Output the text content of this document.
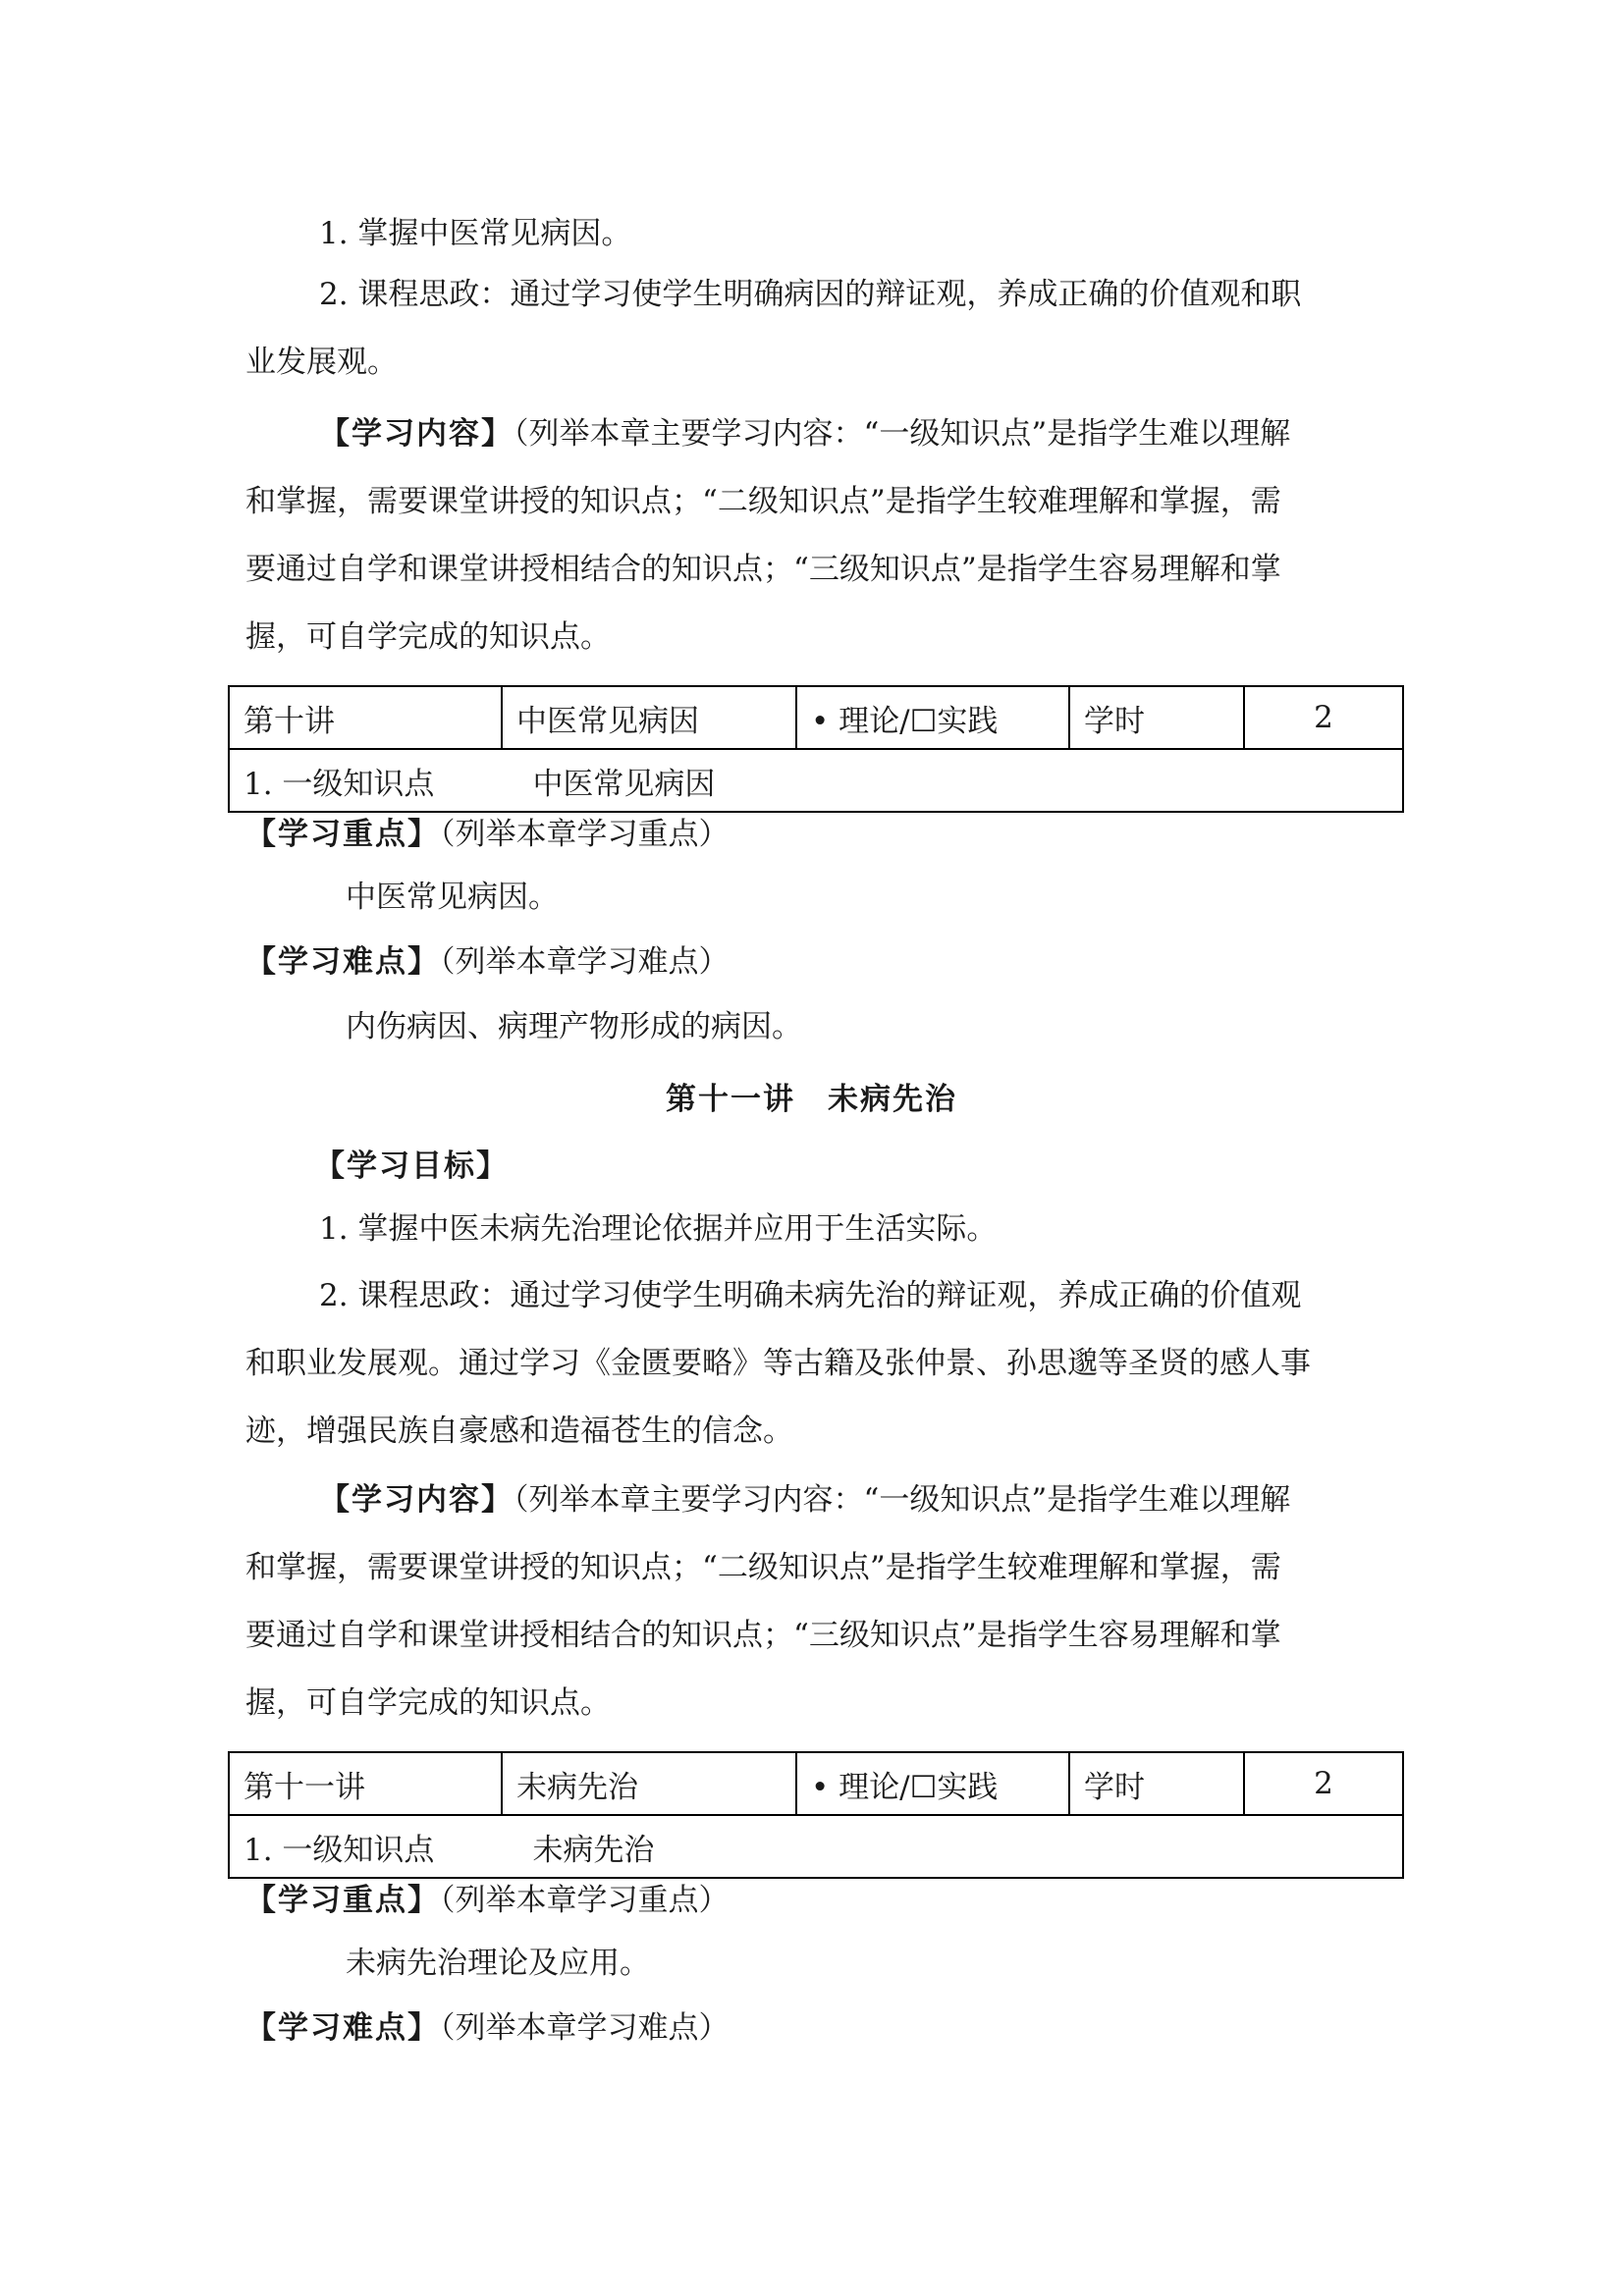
1. 掌握中医常见病因。
2. 课程思政：通过学习使学生明确病因的辩证观，养成正确的价值观和职
业发展观。
【学习内容】（列举本章主要学习内容：“一级知识点”是指学生难以理解
和掌握，需要课堂讲授的知识点；“二级知识点”是指学生较难理解和掌握，需
要通过自学和课堂讲授相结合的知识点；“三级知识点”是指学生容易理解和掌
握，可自学完成的知识点。
第十讲	中医常见病因	• 理论/☐实践	学时	2
1. 一级知识点	中医常见病因
【学习重点】（列举本章学习重点）
中医常见病因。
【学习难点】（列举本章学习难点）
内伤病因、病理产物形成的病因。
第十一讲　未病先治
【学习目标】
1. 掌握中医未病先治理论依据并应用于生活实际。
2. 课程思政：通过学习使学生明确未病先治的辩证观，养成正确的价值观
和职业发展观。通过学习《金匮要略》等古籍及张仲景、孙思邈等圣贤的感人事
迹，增强民族自豪感和造福苍生的信念。
【学习内容】（列举本章主要学习内容：“一级知识点”是指学生难以理解
和掌握，需要课堂讲授的知识点；“二级知识点”是指学生较难理解和掌握，需
要通过自学和课堂讲授相结合的知识点；“三级知识点”是指学生容易理解和掌
握，可自学完成的知识点。
第十一讲	未病先治	• 理论/☐实践	学时	2
1. 一级知识点	未病先治
【学习重点】（列举本章学习重点）
未病先治理论及应用。
【学习难点】（列举本章学习难点）
